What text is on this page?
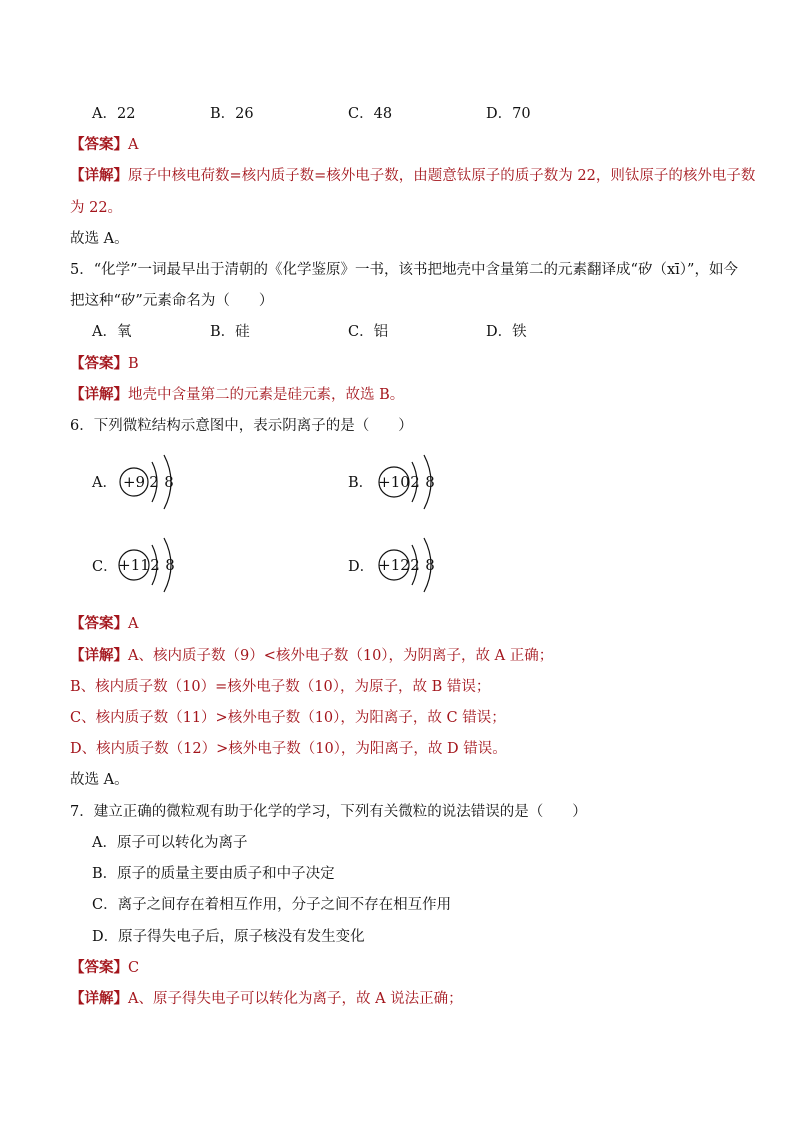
A．22	B．26	C．48	D．70
【答案】A
【详解】原子中核电荷数=核内质子数=核外电子数，由题意钛原子的质子数为 22，则钛原子的核外电子数
为 22。
故选 A。
5．“化学”一词最早出于清朝的《化学鉴原》一书，该书把地壳中含量第二的元素翻译成“矽（xī）”，如今
把这种“矽”元素命名为（　　）
A．氧	B．硅	C．铝	D．铁
【答案】B
【详解】地壳中含量第二的元素是硅元素，故选 B。
6．下列微粒结构示意图中，表示阴离子的是（　　）
A． +9 2 8	B． +10 2 8
C． +11 2 8	D． +12 2 8
【答案】A
【详解】A、核内质子数（9）<核外电子数（10），为阴离子，故 A 正确；
B、核内质子数（10）=核外电子数（10），为原子，故 B 错误；
C、核内质子数（11）>核外电子数（10），为阳离子，故 C 错误；
D、核内质子数（12）>核外电子数（10），为阳离子，故 D 错误。
故选 A。
7．建立正确的微粒观有助于化学的学习，下列有关微粒的说法错误的是（　　）
A．原子可以转化为离子
B．原子的质量主要由质子和中子决定
C．离子之间存在着相互作用，分子之间不存在相互作用
D．原子得失电子后，原子核没有发生变化
【答案】C
【详解】A、原子得失电子可以转化为离子，故 A 说法正确；
